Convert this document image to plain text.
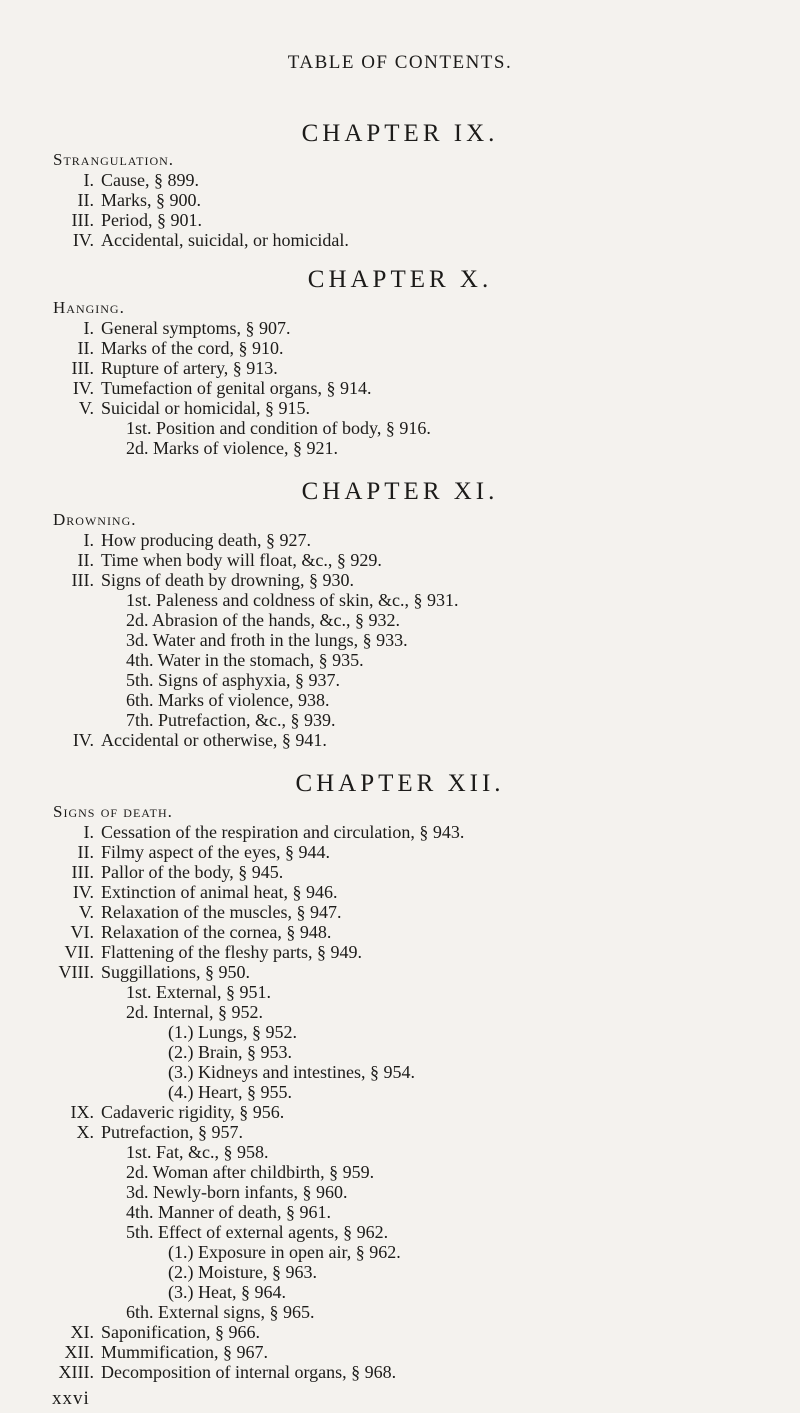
TABLE OF CONTENTS.
CHAPTER IX.
Strangulation.
I. Cause, § 899.
II. Marks, § 900.
III. Period, § 901.
IV. Accidental, suicidal, or homicidal.
CHAPTER X.
Hanging.
I. General symptoms, § 907.
II. Marks of the cord, § 910.
III. Rupture of artery, § 913.
IV. Tumefaction of genital organs, § 914.
V. Suicidal or homicidal, § 915.
1st. Position and condition of body, § 916.
2d. Marks of violence, § 921.
CHAPTER XI.
Drowning.
I. How producing death, § 927.
II. Time when body will float, &c., § 929.
III. Signs of death by drowning, § 930.
1st. Paleness and coldness of skin, &c., § 931.
2d. Abrasion of the hands, &c., § 932.
3d. Water and froth in the lungs, § 933.
4th. Water in the stomach, § 935.
5th. Signs of asphyxia, § 937.
6th. Marks of violence, 938.
7th. Putrefaction, &c., § 939.
IV. Accidental or otherwise, § 941.
CHAPTER XII.
Signs of death.
I. Cessation of the respiration and circulation, § 943.
II. Filmy aspect of the eyes, § 944.
III. Pallor of the body, § 945.
IV. Extinction of animal heat, § 946.
V. Relaxation of the muscles, § 947.
VI. Relaxation of the cornea, § 948.
VII. Flattening of the fleshy parts, § 949.
VIII. Suggillations, § 950.
1st. External, § 951.
2d. Internal, § 952.
(1.) Lungs, § 952.
(2.) Brain, § 953.
(3.) Kidneys and intestines, § 954.
(4.) Heart, § 955.
IX. Cadaveric rigidity, § 956.
X. Putrefaction, § 957.
1st. Fat, &c., § 958.
2d. Woman after childbirth, § 959.
3d. Newly-born infants, § 960.
4th. Manner of death, § 961.
5th. Effect of external agents, § 962.
(1.) Exposure in open air, § 962.
(2.) Moisture, § 963.
(3.) Heat, § 964.
6th. External signs, § 965.
XI. Saponification, § 966.
XII. Mummification, § 967.
XIII. Decomposition of internal organs, § 968.
xxvi
